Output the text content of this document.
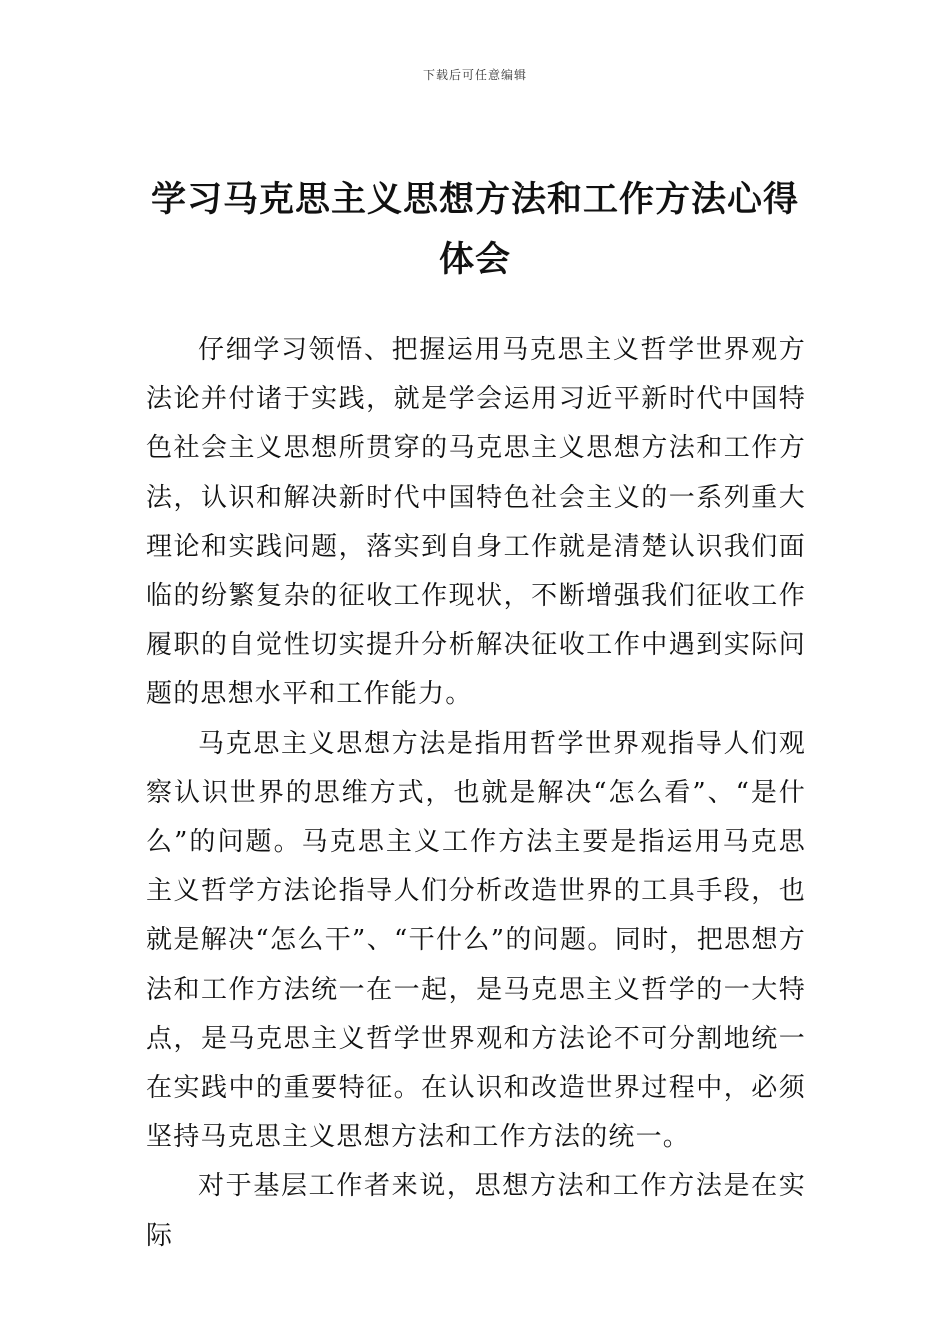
下载后可任意编辑
学习马克思主义思想方法和工作方法心得体会

仔细学习领悟、把握运用马克思主义哲学世界观方法论并付诸于实践，就是学会运用习近平新时代中国特色社会主义思想所贯穿的马克思主义思想方法和工作方法，认识和解决新时代中国特色社会主义的一系列重大理论和实践问题，落实到自身工作就是清楚认识我们面临的纷繁复杂的征收工作现状，不断增强我们征收工作履职的自觉性切实提升分析解决征收工作中遇到实际问题的思想水平和工作能力。

马克思主义思想方法是指用哲学世界观指导人们观察认识世界的思维方式，也就是解决“怎么看”、“是什么”的问题。马克思主义工作方法主要是指运用马克思主义哲学方法论指导人们分析改造世界的工具手段，也就是解决“怎么干”、“干什么”的问题。同时，把思想方法和工作方法统一在一起，是马克思主义哲学的一大特点，是马克思主义哲学世界观和方法论不可分割地统一在实践中的重要特征。在认识和改造世界过程中，必须坚持马克思主义思想方法和工作方法的统一。

对于基层工作者来说，思想方法和工作方法是在实际
